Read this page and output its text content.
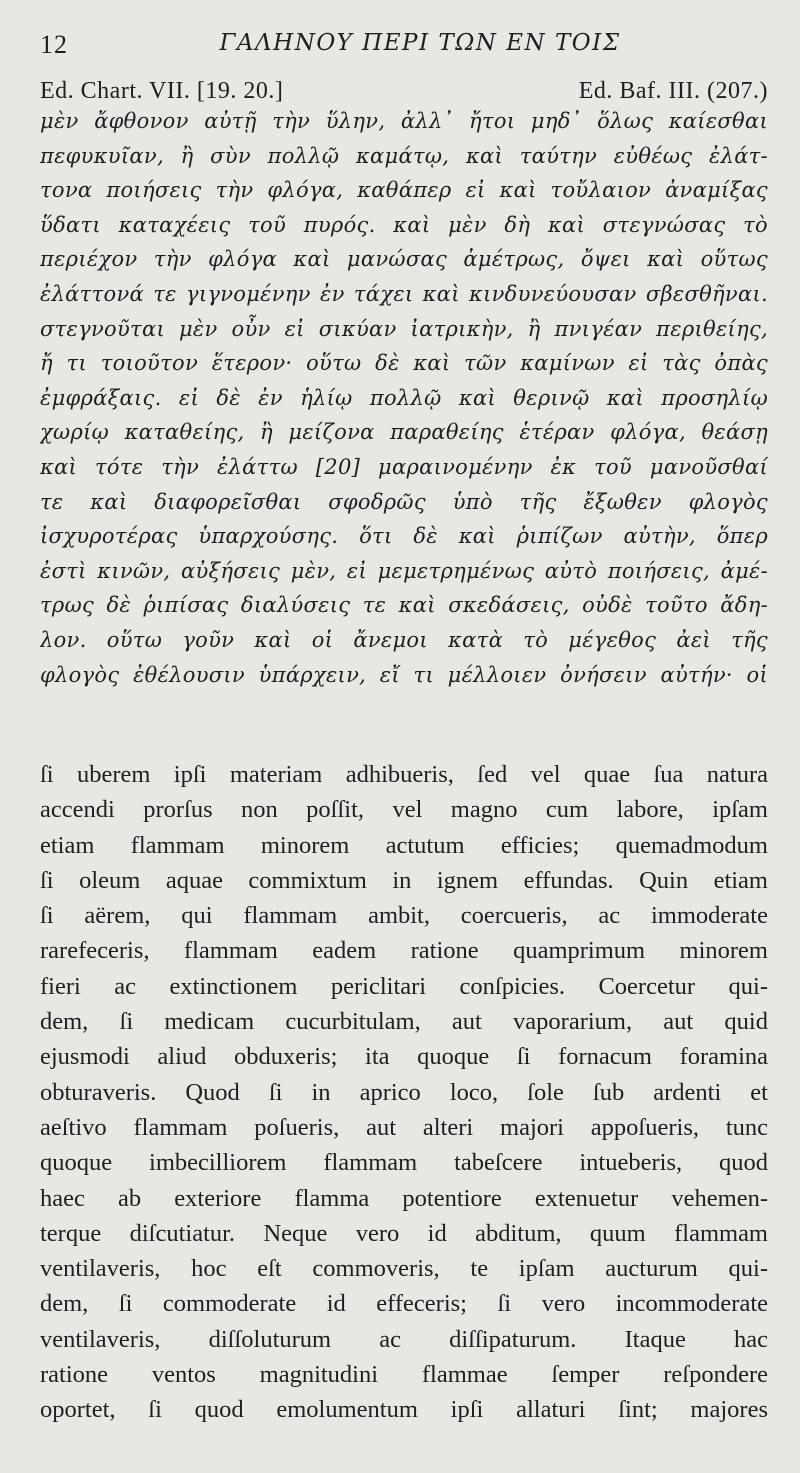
12	ΓΑΛΗΝΟΥ ΠΕΡΙ ΤΩΝ ΕΝ ΤΟΙΣ
Ed. Chart. VII. [19. 20.]	Ed. Baf. III. (207.)
μὲν ἄφθονον αὐτῇ τὴν ὕλην, ἀλλ᾽ ἤτοι μηδ᾽ ὅλως καίεσθαι
πεφυκυῖαν, ἢ σὺν πολλῷ καμάτῳ, καὶ ταύτην εὐθέως ἐλάτ-
τονα ποιήσεις τὴν φλόγα, καθάπερ εἰ καὶ τοὔλαιον ἀναμίξας
ὕδατι καταχέεις τοῦ πυρός. καὶ μὲν δὴ καὶ στεγνώσας τὸ
περιέχον τὴν φλόγα καὶ μανώσας ἀμέτρως, ὄψει καὶ οὕτως
ἐλάττονά τε γιγνομένην ἐν τάχει καὶ κινδυνεύουσαν σβεσθῆναι.
στεγνοῦται μὲν οὖν εἰ σικύαν ἰατρικὴν, ἢ πνιγέαν περιθείης,
ἤ τι τοιοῦτον ἕτερον· οὕτω δὲ καὶ τῶν καμίνων εἰ τὰς ὀπὰς
ἐμφράξαις. εἰ δὲ ἐν ἡλίῳ πολλῷ καὶ θερινῷ καὶ προσηλίῳ
χωρίῳ καταθείης, ἢ μείζονα παραθείης ἑτέραν φλόγα, θεάσῃ
καὶ τότε τὴν ἐλάττω [20] μαραινομένην ἐκ τοῦ μανοῦσθαί
τε καὶ διαφορεῖσθαι σφοδρῶς ὑπὸ τῆς ἔξωθεν φλογὸς
ἰσχυροτέρας ὑπαρχούσης. ὅτι δὲ καὶ ῥιπίζων αὐτὴν, ὅπερ
ἐστὶ κινῶν, αὐξήσεις μὲν, εἰ μεμετρημένως αὐτὸ ποιήσεις, ἀμέ-
τρως δὲ ῥιπίσας διαλύσεις τε καὶ σκεδάσεις, οὐδὲ τοῦτο ἄδη-
λον. οὕτω γοῦν καὶ οἱ ἄνεμοι κατὰ τὸ μέγεθος ἀεὶ τῆς
φλογὸς ἐθέλουσιν ὑπάρχειν, εἴ τι μέλλοιεν ὀνήσειν αὐτήν· οἱ
ſi uberem ipſi materiam adhibueris, ſed vel quae ſua natura
accendi prorſus non poſſit, vel magno cum labore, ipſam
etiam flammam minorem actutum efficies; quemadmodum
ſi oleum aquae commixtum in ignem effundas. Quin etiam
ſi aërem, qui flammam ambit, coercueris, ac immoderate
rarefeceris, flammam eadem ratione quamprimum minorem
fieri ac extinctionem periclitari conſpicies. Coercetur qui-
dem, ſi medicam cucurbitulam, aut vaporarium, aut quid
ejusmodi aliud obduxeris; ita quoque ſi fornacum foramina
obturaveris. Quod ſi in aprico loco, ſole ſub ardenti et
aeſtivo flammam poſueris, aut alteri majori appoſueris, tunc
quoque imbecilliorem flammam tabeſcere intueberis, quod
haec ab exteriore flamma potentiore extenuetur vehemen-
terque diſcutiatur. Neque vero id abditum, quum flammam
ventilaveris, hoc eſt commoveris, te ipſam aucturum qui-
dem, ſi commoderate id effeceris; ſi vero incommoderate
ventilaveris, diſſoluturum ac diſſipaturum. Itaque hac
ratione ventos magnitudini flammae ſemper reſpondere
oportet, ſi quod emolumentum ipſi allaturi ſint; majores
